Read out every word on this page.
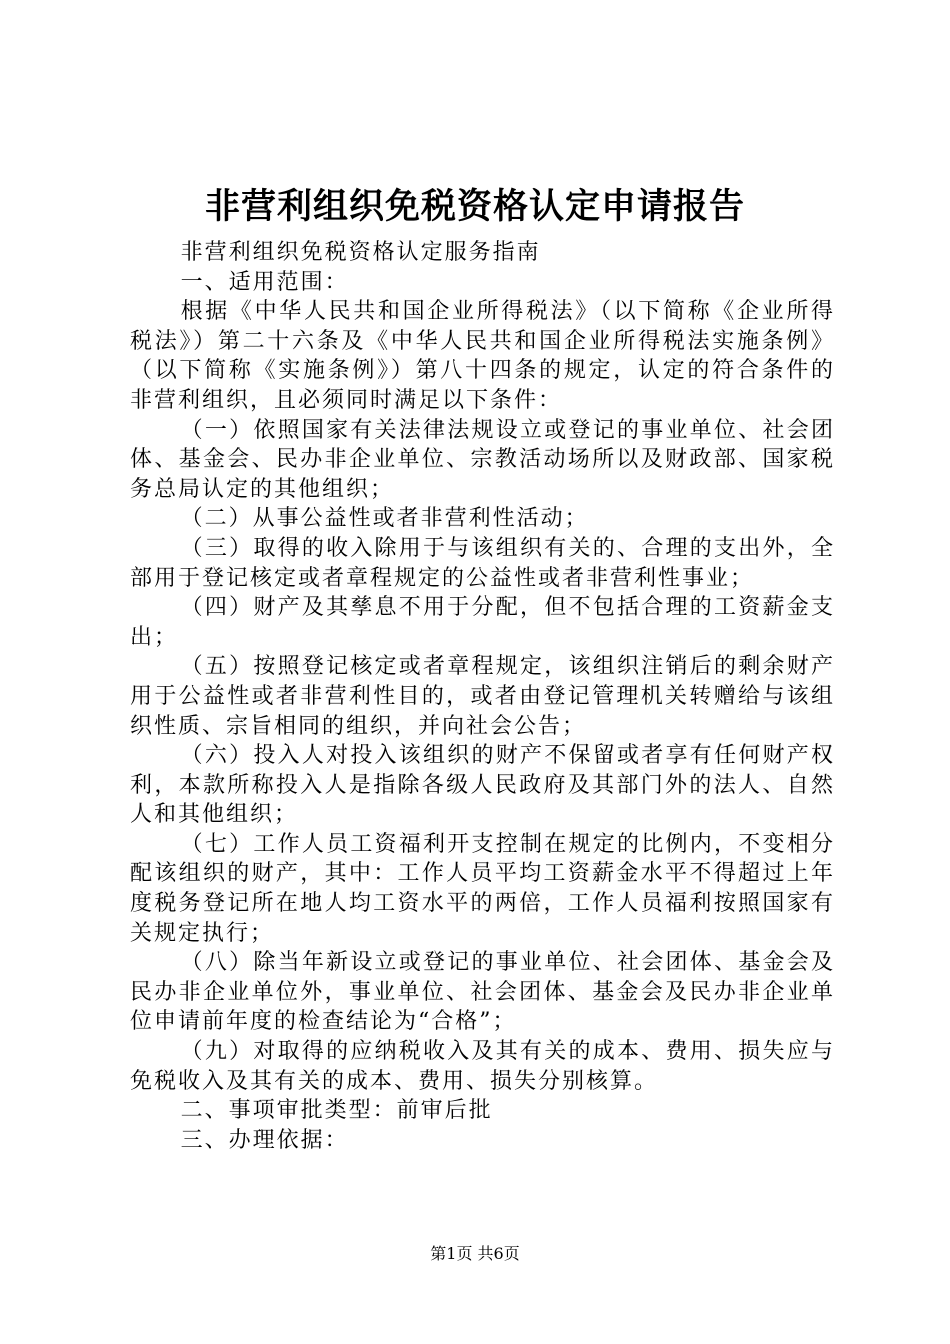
非营利组织免税资格认定申请报告

非营利组织免税资格认定服务指南

一、适用范围：

根据《中华人民共和国企业所得税法》（以下简称《企业所得税法》）第二十六条及《中华人民共和国企业所得税法实施条例》（以下简称《实施条例》）第八十四条的规定，认定的符合条件的非营利组织，且必须同时满足以下条件：

（一）依照国家有关法律法规设立或登记的事业单位、社会团体、基金会、民办非企业单位、宗教活动场所以及财政部、国家税务总局认定的其他组织；

（二）从事公益性或者非营利性活动；

（三）取得的收入除用于与该组织有关的、合理的支出外，全部用于登记核定或者章程规定的公益性或者非营利性事业；

（四）财产及其孳息不用于分配，但不包括合理的工资薪金支出；

（五）按照登记核定或者章程规定，该组织注销后的剩余财产用于公益性或者非营利性目的，或者由登记管理机关转赠给与该组织性质、宗旨相同的组织，并向社会公告；

（六）投入人对投入该组织的财产不保留或者享有任何财产权利，本款所称投入人是指除各级人民政府及其部门外的法人、自然人和其他组织；

（七）工作人员工资福利开支控制在规定的比例内，不变相分配该组织的财产，其中：工作人员平均工资薪金水平不得超过上年度税务登记所在地人均工资水平的两倍，工作人员福利按照国家有关规定执行；

（八）除当年新设立或登记的事业单位、社会团体、基金会及民办非企业单位外，事业单位、社会团体、基金会及民办非企业单位申请前年度的检查结论为“合格”；

（九）对取得的应纳税收入及其有关的成本、费用、损失应与免税收入及其有关的成本、费用、损失分别核算。

二、事项审批类型：前审后批

三、办理依据：

第1页 共6页
